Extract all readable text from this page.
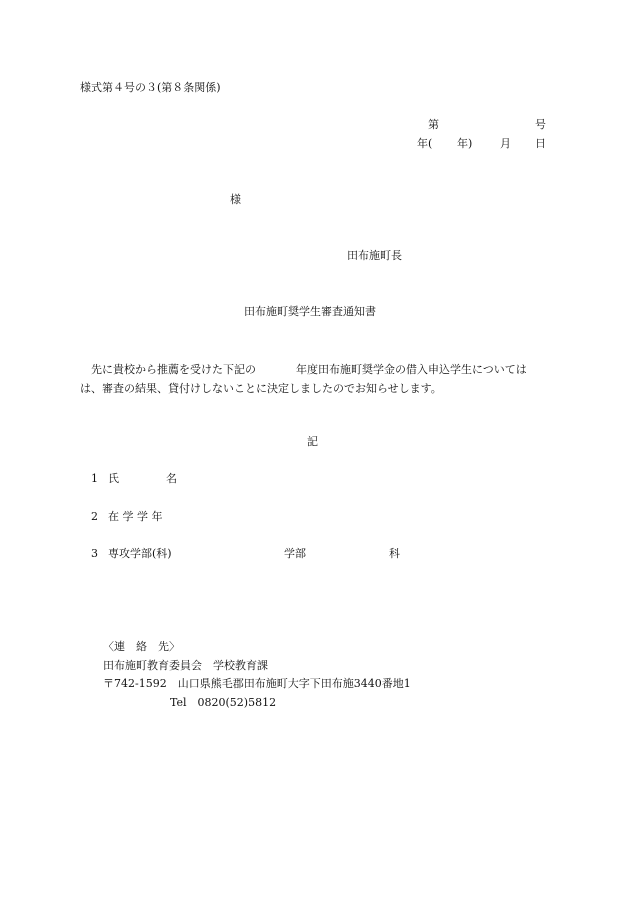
様式第４号の３(第８条関係)
第	号
年( 年)	月 日
様
田布施町長
田布施町奨学生審査通知書
先に貴校から推薦を受けた下記の	年度田布施町奨学金の借入申込学生については
は、審査の結果、貸付けしないことに決定しましたのでお知らせします。
記
1 氏	名
2 在 学 学 年
3 専攻学部(科)	学部	科
〈連　絡　先〉
田布施町教育委員会　学校教育課
〒742-1592　山口県熊毛郡田布施町大字下田布施3440番地1
Tel　0820(52)5812
